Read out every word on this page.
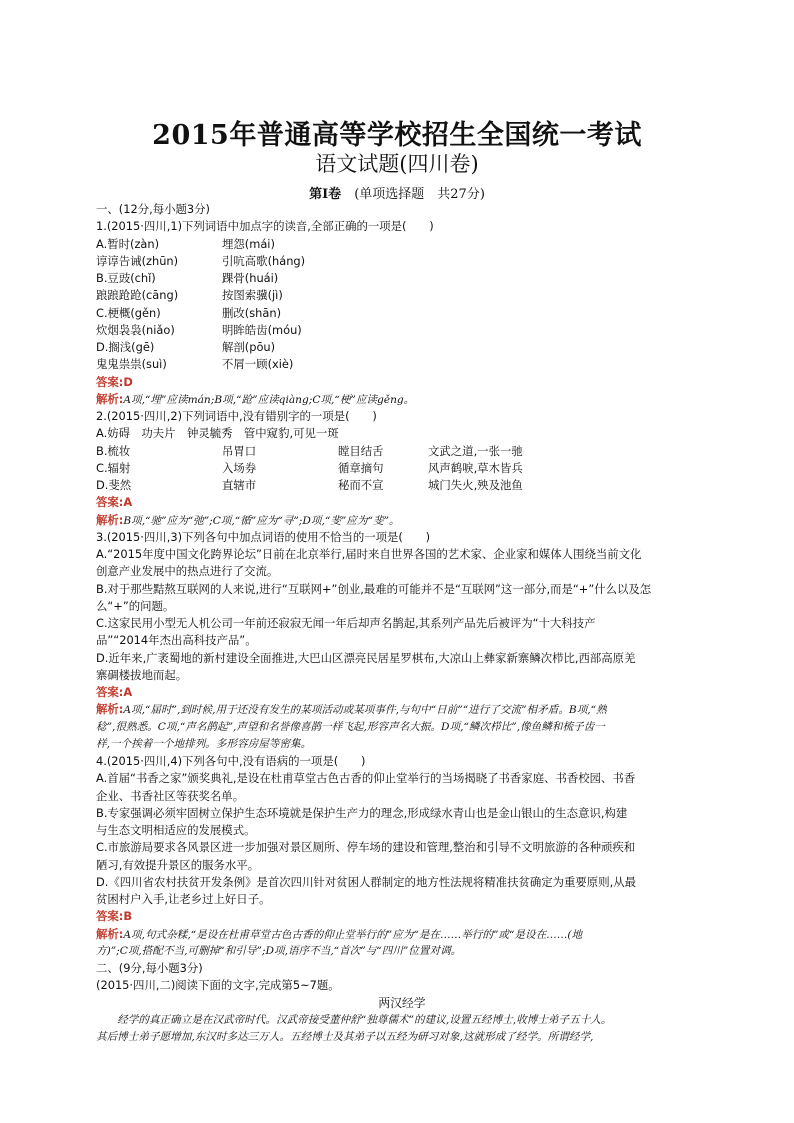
2015年普通高等学校招生全国统一考试
语文试题(四川卷)
第Ⅰ卷　 (单项选择题　共27分)
一、(12分,每小题3分)
1.(2015·四川,1)下列词语中加点字的读音,全部正确的一项是(　　)
A.暂时(zàn)	埋怨(mái)
谆谆告诫(zhūn)	引吭高歌(háng)
B.豆豉(chǐ)	踝骨(huái)
踉踉跄跄(cāng)	按图索骥(jì)
C.梗概(gěn)	删改(shān)
炊烟袅袅(niǎo)	明眸皓齿(móu)
D.搁浅(gē)	解剖(pōu)
鬼鬼祟祟(suì)	不屑一顾(xiè)
答案:D
解析:A项,“埋”应读mán;B项,“跄”应读qiàng;C项,“梗”应读gěng。
2.(2015·四川,2)下列词语中,没有错别字的一项是(　　)
A.妨碍　功夫片　钟灵毓秀　管中窥豹,可见一斑
B.梳妆	吊胃口	瞠目结舌	文武之道,一张一驰
C.辐射	入场券	循章摘句	风声鹤唳,草木皆兵
D.斐然	直辖市	秘而不宣	城门失火,殃及池鱼
答案:A
解析:B项,“驰”应为“弛”;C项,“循”应为“寻”;D项,“斐”应为“斐”。
3.(2015·四川,3)下列各句中加点词语的使用不恰当的一项是(　　)
A.“2015年度中国文化跨界论坛”日前在北京举行,届时来自世界各国的艺术家、企业家和媒体人围绕当前文化
创意产业发展中的热点进行了交流。
B.对于那些黠熬互联网的人来说,进行“互联网+”创业,最难的可能并不是“互联网”这一部分,而是“+”什么以及怎
么“+”的问题。
C.这家民用小型无人机公司一年前还寂寂无闻一年后却声名鹊起,其系列产品先后被评为“十大科技产
品”“2014年杰出高科技产品”。
D.近年来,广袤蜀地的新村建设全面推进,大巴山区漂亮民居星罗棋布,大凉山上彝家新寨鳞次栉比,西部高原羌
寨碉楼拔地而起。
答案:A
解析:A项,“届时”,到时候,用于还没有发生的某项活动或某项事件,与句中“日前”“进行了交流”相矛盾。B项,“熟
稔”,很熟悉。C项,“声名鹊起”,声望和名誉像喜鹊一样飞起,形容声名大振。D项,“鳞次栉比”,像鱼鳞和梳子齿一
样,一个挨着一个地排列。多形容房屋等密集。
4.(2015·四川,4)下列各句中,没有语病的一项是(　　)
A.首届“书香之家”颁奖典礼,是设在杜甫草堂古色古香的仰止堂举行的当场揭晓了书香家庭、书香校园、书香
企业、书香社区等获奖名单。
B.专家强调必须牢固树立保护生态环境就是保护生产力的理念,形成绿水青山也是金山银山的生态意识,构建
与生态文明相适应的发展模式。
C.市旅游局要求各风景区进一步加强对景区厕所、停车场的建设和管理,整治和引导不文明旅游的各种顽疾和
陋习,有效提升景区的服务水平。
D.《四川省农村扶贫开发条例》是首次四川针对贫困人群制定的地方性法规将精准扶贫确定为重要原则,从最
贫困村户入手,让老乡过上好日子。
答案:B
解析:A项,句式杂糅,“是设在杜甫草堂古色古香的仰止堂举行的”应为“是在……举行的”或“是设在……(地
方)”;C项,搭配不当,可删掉“和引导”;D项,语序不当,“首次”与“四川”位置对调。
二、(9分,每小题3分)
(2015·四川,二)阅读下面的文字,完成第5~7题。
两汉经学
经学的真正确立是在汉武帝时代。汉武帝接受董仲舒“独尊儒术”的建议,设置五经博士,收博士弟子五十人。
其后博士弟子愿增加,东汉时多达三万人。五经博士及其弟子以五经为研习对象,这就形成了经学。所谓经学,
